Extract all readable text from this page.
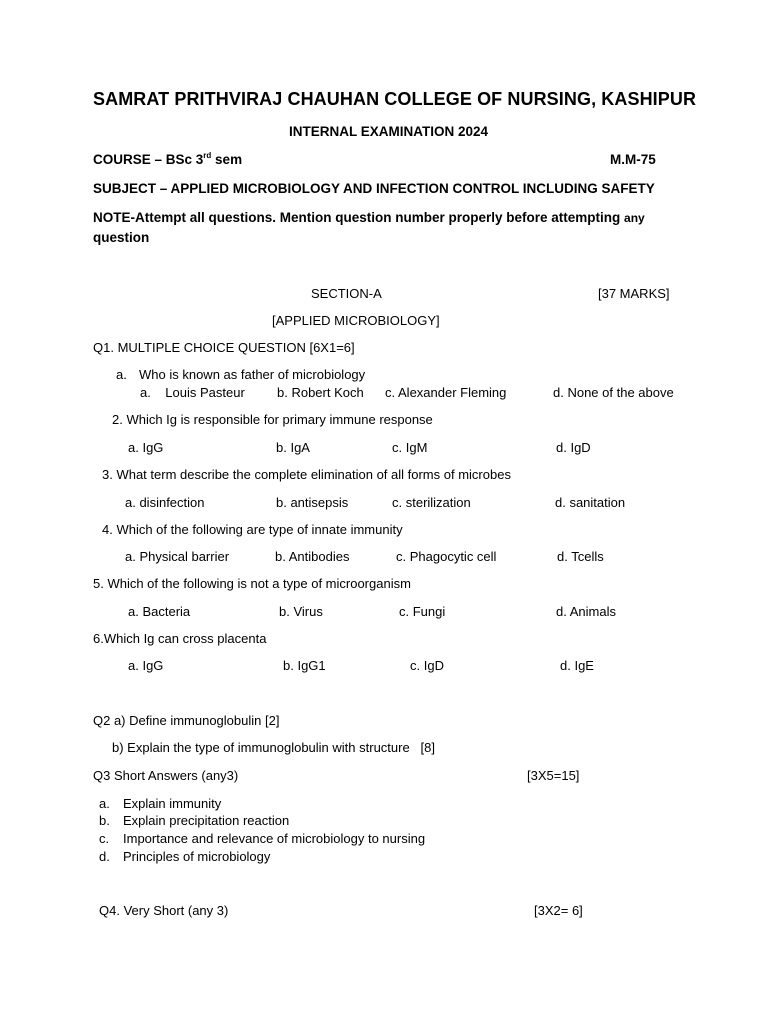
SAMRAT PRITHVIRAJ CHAUHAN COLLEGE OF NURSING, KASHIPUR
INTERNAL EXAMINATION 2024
COURSE – BSc 3rd sem	M.M-75
SUBJECT – APPLIED MICROBIOLOGY AND INFECTION CONTROL INCLUDING SAFETY
NOTE-Attempt all questions. Mention question number properly before attempting any
question
SECTION-A	[37 MARKS]
[APPLIED MICROBIOLOGY]
Q1. MULTIPLE CHOICE QUESTION [6X1=6]
a. Who is known as father of microbiology
a.    Louis Pasteur b. Robert Koch c. Alexander Fleming	d. None of the above
2. Which Ig is responsible for primary immune response
a. IgG	b. IgA	c. IgM	d. IgD
3. What term describe the complete elimination of all forms of microbes
a. disinfection	b. antisepsis	c. sterilization	d. sanitation
4. Which of the following are type of innate immunity
a. Physical barrier	b. Antibodies	c. Phagocytic cell	d. Tcells
5. Which of the following is not a type of microorganism
a. Bacteria	b. Virus	c. Fungi	d. Animals
6.Which Ig can cross placenta
a. IgG	b. IgG1	c. IgD	d. IgE
Q2 a) Define immunoglobulin [2]
b) Explain the type of immunoglobulin with structure   [8]
Q3 Short Answers (any3)	[3X5=15]
a. Explain immunity
b. Explain precipitation reaction
c. Importance and relevance of microbiology to nursing
d. Principles of microbiology
Q4. Very Short (any 3)	[3X2= 6]
